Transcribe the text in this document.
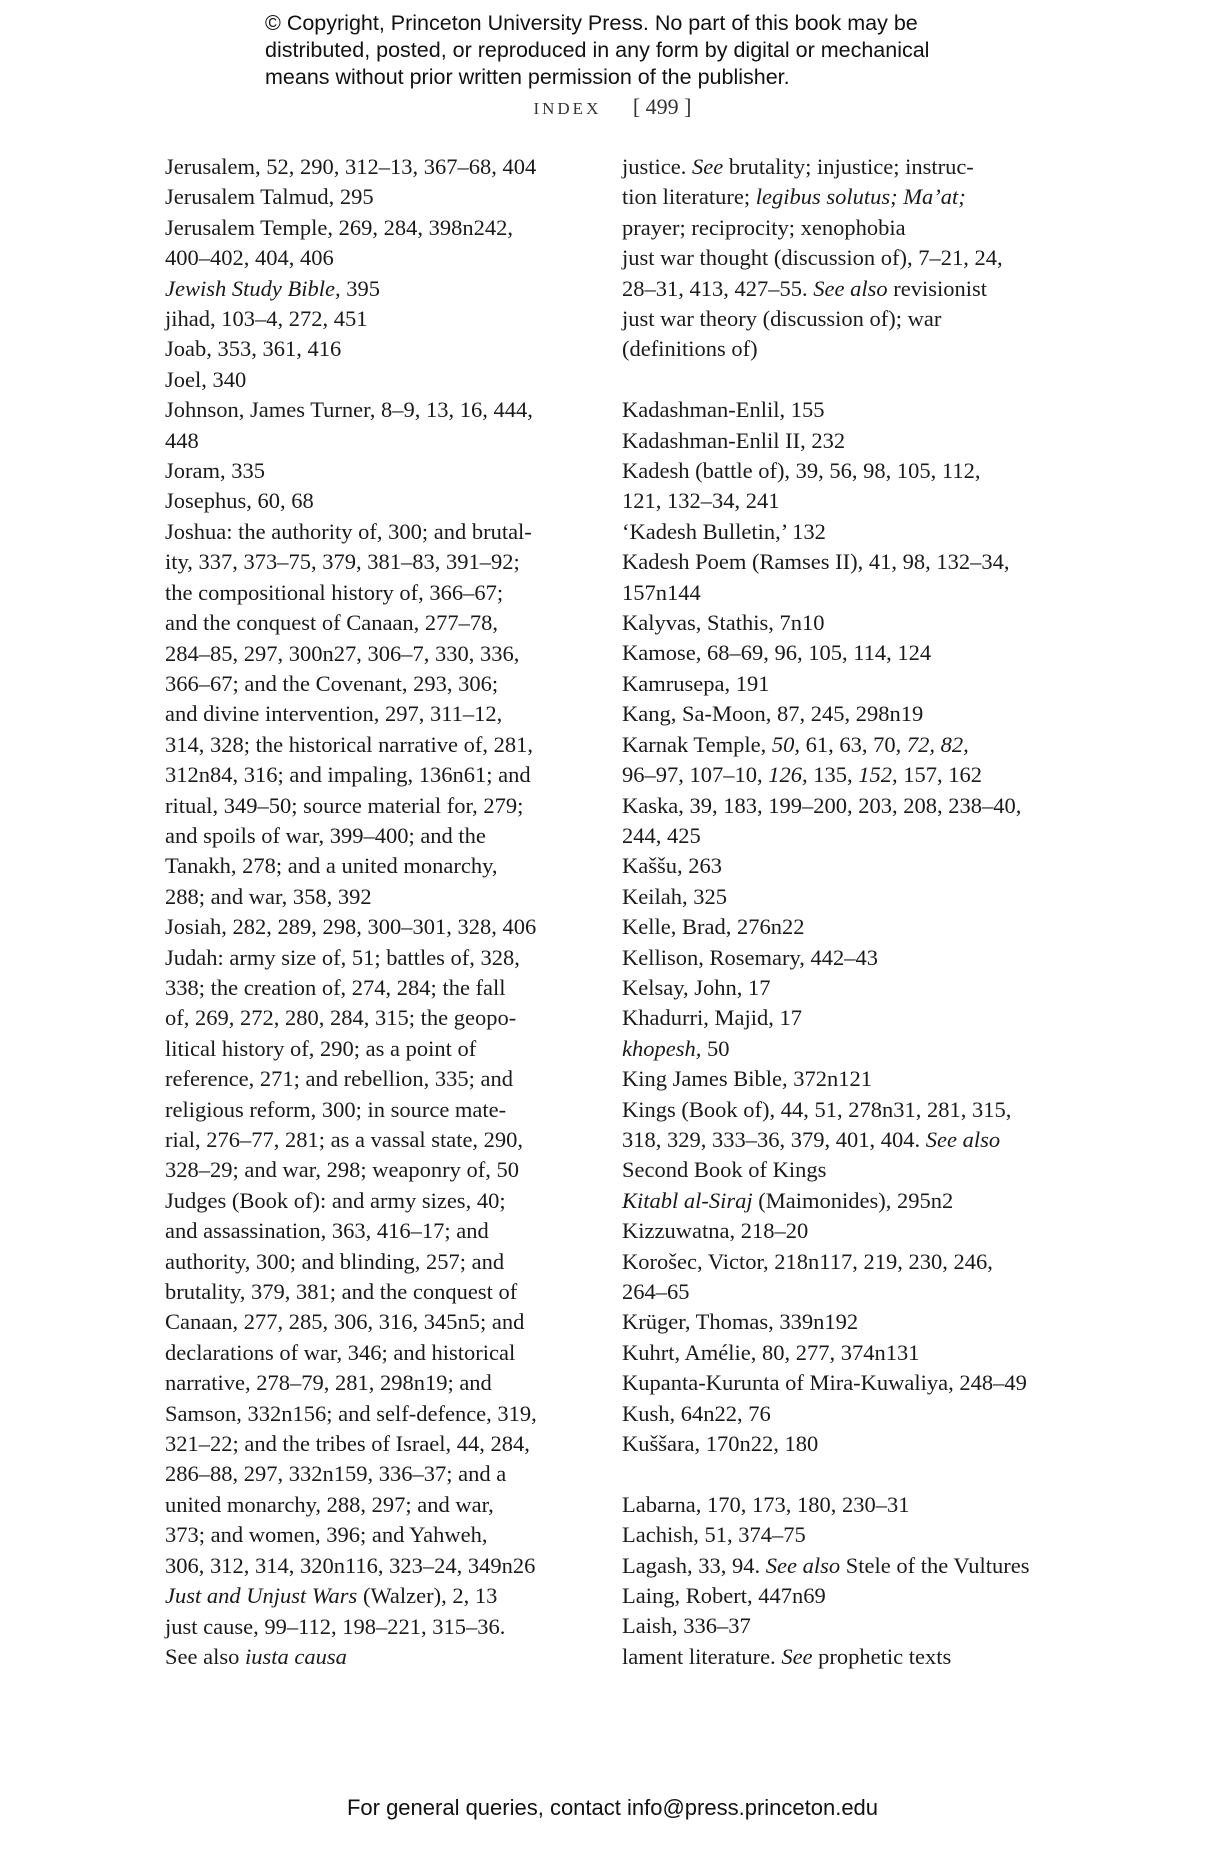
© Copyright, Princeton University Press. No part of this book may be
distributed, posted, or reproduced in any form by digital or mechanical
means without prior written permission of the publisher.
INDEX [ 499 ]
Jerusalem, 52, 290, 312–13, 367–68, 404
Jerusalem Talmud, 295
Jerusalem Temple, 269, 284, 398n242,
400–402, 404, 406
Jewish Study Bible, 395
jihad, 103–4, 272, 451
Joab, 353, 361, 416
Joel, 340
Johnson, James Turner, 8–9, 13, 16, 444,
448
Joram, 335
Josephus, 60, 68
Joshua: the authority of, 300; and brutal-
ity, 337, 373–75, 379, 381–83, 391–92;
the compositional history of, 366–67;
and the conquest of Canaan, 277–78,
284–85, 297, 300n27, 306–7, 330, 336,
366–67; and the Covenant, 293, 306;
and divine intervention, 297, 311–12,
314, 328; the historical narrative of, 281,
312n84, 316; and impaling, 136n61; and
ritual, 349–50; source material for, 279;
and spoils of war, 399–400; and the
Tanakh, 278; and a united monarchy,
288; and war, 358, 392
Josiah, 282, 289, 298, 300–301, 328, 406
Judah: army size of, 51; battles of, 328,
338; the creation of, 274, 284; the fall
of, 269, 272, 280, 284, 315; the geopo-
litical history of, 290; as a point of
reference, 271; and rebellion, 335; and
religious reform, 300; in source mate-
rial, 276–77, 281; as a vassal state, 290,
328–29; and war, 298; weaponry of, 50
Judges (Book of): and army sizes, 40;
and assassination, 363, 416–17; and
authority, 300; and blinding, 257; and
brutality, 379, 381; and the conquest of
Canaan, 277, 285, 306, 316, 345n5; and
declarations of war, 346; and historical
narrative, 278–79, 281, 298n19; and
Samson, 332n156; and self-defence, 319,
321–22; and the tribes of Israel, 44, 284,
286–88, 297, 332n159, 336–37; and a
united monarchy, 288, 297; and war,
373; and women, 396; and Yahweh,
306, 312, 314, 320n116, 323–24, 349n26
Just and Unjust Wars (Walzer), 2, 13
just cause, 99–112, 198–221, 315–36.
See also iusta causa
justice. See brutality; injustice; instruc-
tion literature; legibus solutus; Ma’at;
prayer; reciprocity; xenophobia
just war thought (discussion of), 7–21, 24,
28–31, 413, 427–55. See also revisionist
just war theory (discussion of); war
(definitions of)
Kadashman-Enlil, 155
Kadashman-Enlil II, 232
Kadesh (battle of), 39, 56, 98, 105, 112,
121, 132–34, 241
‘Kadesh Bulletin,’ 132
Kadesh Poem (Ramses II), 41, 98, 132–34,
157n144
Kalyvas, Stathis, 7n10
Kamose, 68–69, 96, 105, 114, 124
Kamrusepa, 191
Kang, Sa-Moon, 87, 245, 298n19
Karnak Temple, 50, 61, 63, 70, 72, 82,
96–97, 107–10, 126, 135, 152, 157, 162
Kaska, 39, 183, 199–200, 203, 208, 238–40,
244, 425
Kaššu, 263
Keilah, 325
Kelle, Brad, 276n22
Kellison, Rosemary, 442–43
Kelsay, John, 17
Khadurri, Majid, 17
khopesh, 50
King James Bible, 372n121
Kings (Book of), 44, 51, 278n31, 281, 315,
318, 329, 333–36, 379, 401, 404. See also
Second Book of Kings
Kitabl al-Siraj (Maimonides), 295n2
Kizzuwatna, 218–20
Korošec, Victor, 218n117, 219, 230, 246,
264–65
Krüger, Thomas, 339n192
Kuhrt, Amélie, 80, 277, 374n131
Kupanta-Kurunta of Mira-Kuwaliya, 248–49
Kush, 64n22, 76
Kuššara, 170n22, 180
Labarna, 170, 173, 180, 230–31
Lachish, 51, 374–75
Lagash, 33, 94. See also Stele of the Vultures
Laing, Robert, 447n69
Laish, 336–37
lament literature. See prophetic texts
For general queries, contact info@press.princeton.edu
